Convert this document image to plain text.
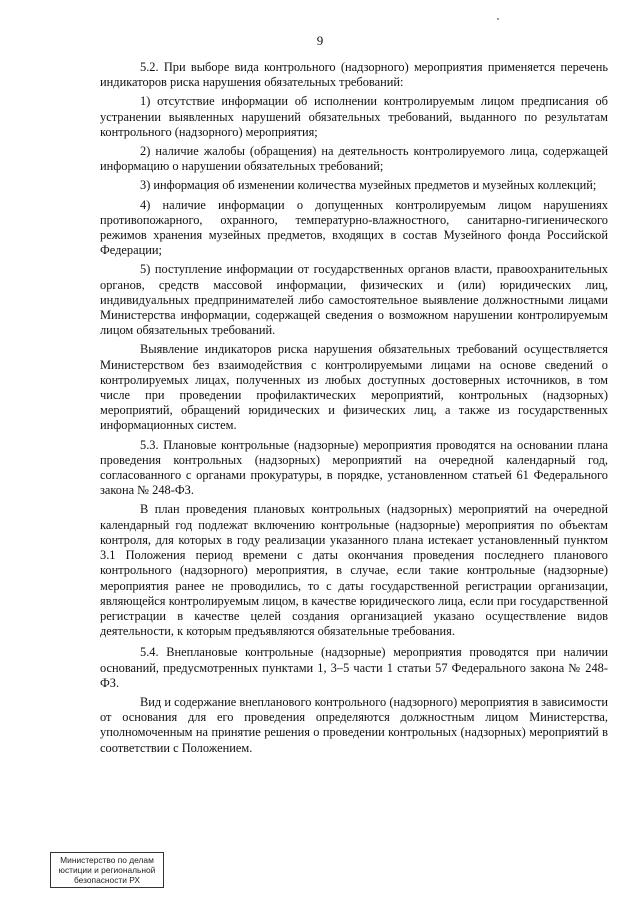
9

5.2. При выборе вида контрольного (надзорного) мероприятия применяется перечень индикаторов риска нарушения обязательных требований:

1) отсутствие информации об исполнении контролируемым лицом предписания об устранении выявленных нарушений обязательных требований, выданного по результатам контрольного (надзорного) мероприятия;

2) наличие жалобы (обращения) на деятельность контролируемого лица, содержащей информацию о нарушении обязательных требований;

3) информация об изменении количества музейных предметов и музейных коллекций;

4) наличие информации о допущенных контролируемым лицом нарушениях противопожарного, охранного, температурно-влажностного, санитарно-гигиенического режимов хранения музейных предметов, входящих в состав Музейного фонда Российской Федерации;

5) поступление информации от государственных органов власти, правоохранительных органов, средств массовой информации, физических и (или) юридических лиц, индивидуальных предпринимателей либо самостоятельное выявление должностными лицами Министерства информации, содержащей сведения о возможном нарушении контролируемым лицом обязательных требований.

Выявление индикаторов риска нарушения обязательных требований осуществляется Министерством без взаимодействия с контролируемыми лицами на основе сведений о контролируемых лицах, полученных из любых доступных достоверных источников, в том числе при проведении профилактических мероприятий, контрольных (надзорных) мероприятий, обращений юридических и физических лиц, а также из государственных информационных систем.

5.3. Плановые контрольные (надзорные) мероприятия проводятся на основании плана проведения контрольных (надзорных) мероприятий на очередной календарный год, согласованного с органами прокуратуры, в порядке, установленном статьей 61 Федерального закона № 248-ФЗ.

В план проведения плановых контрольных (надзорных) мероприятий на очередной календарный год подлежат включению контрольные (надзорные) мероприятия по объектам контроля, для которых в году реализации указанного плана истекает установленный пунктом 3.1 Положения период времени с даты окончания проведения последнего планового контрольного (надзорного) мероприятия, в случае, если такие контрольные (надзорные) мероприятия ранее не проводились, то с даты государственной регистрации организации, являющейся контролируемым лицом, в качестве юридического лица, если при государственной регистрации в качестве целей создания организацией указано осуществление видов деятельности, к которым предъявляются обязательные требования.

5.4. Внеплановые контрольные (надзорные) мероприятия проводятся при наличии оснований, предусмотренных пунктами 1, 3–5 части 1 статьи 57 Федерального закона № 248-ФЗ.

Вид и содержание внепланового контрольного (надзорного) мероприятия в зависимости от основания для его проведения определяются должностным лицом Министерства, уполномоченным на принятие решения о проведении контрольных (надзорных) мероприятий в соответствии с Положением.

Министерство по делам
юстиции и региональной
безопасности РХ
